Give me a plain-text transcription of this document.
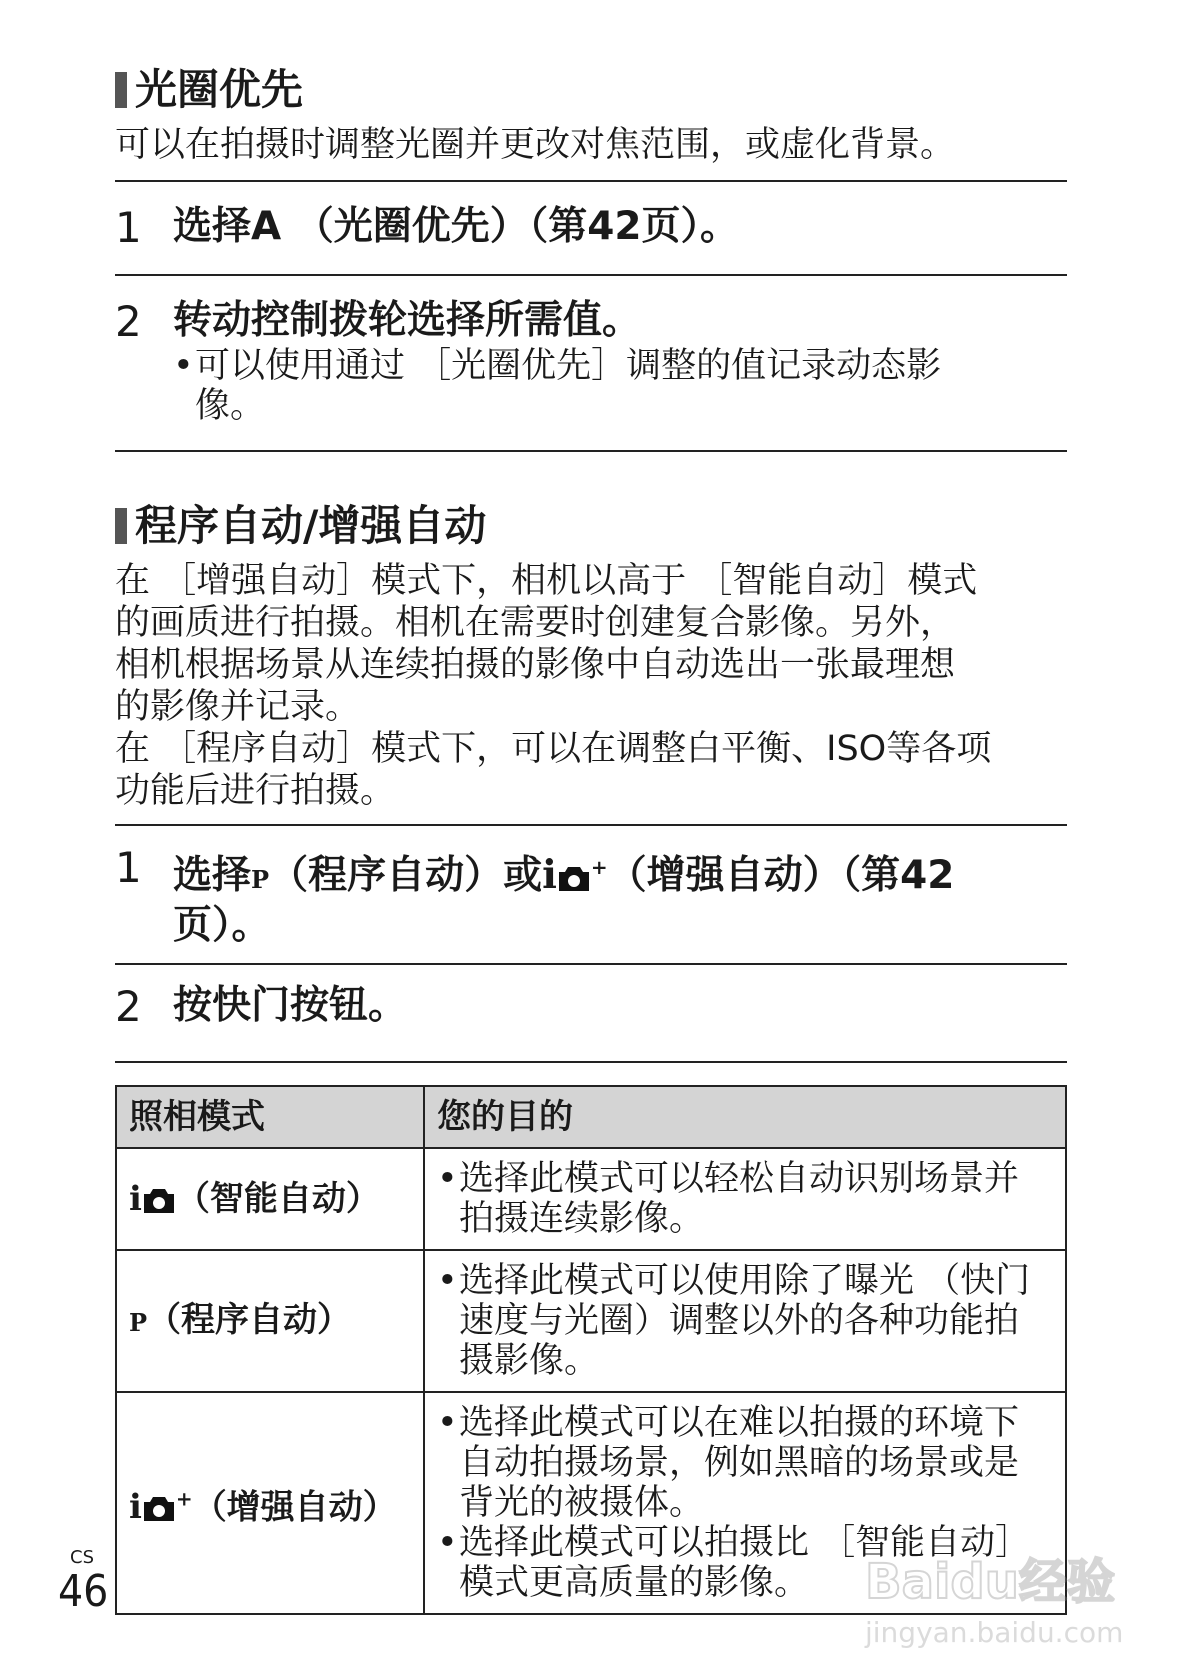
光圈优先
可以在拍摄时调整光圈并更改对焦范围，或虚化背景。
1 选择A （光圈优先）（第42页）。
2 转动控制拨轮选择所需值。
• 可以使用通过 ［光圈优先］调整的值记录动态影像。
程序自动/增强自动
在 ［增强自动］模式下，相机以高于 ［智能自动］模式
的画质进行拍摄。相机在需要时创建复合影像。另外，
相机根据场景从连续拍摄的影像中自动选出一张最理想
的影像并记录。
在 ［程序自动］模式下，可以在调整白平衡、ISO等各项
功能后进行拍摄。
1 选择P（程序自动）或i +（增强自动）（第42
页）。
2 按快门按钮。
照相模式	您的目的
i （智能自动）	• 选择此模式可以轻松自动识别场景并拍摄连续影像。

P（程序自动）	• 选择此模式可以使用除了曝光 （快门速度与光圈）调整以外的各种功能拍摄影像。

i +（增强自动）	• 选择此模式可以在难以拍摄的环境下自动拍摄场景，例如黑暗的场景或是背光的被摄体。
• 选择此模式可以拍摄比 ［智能自动］模式更高质量的影像。
CS
46	Baidu经验
jingyan.baidu.com
